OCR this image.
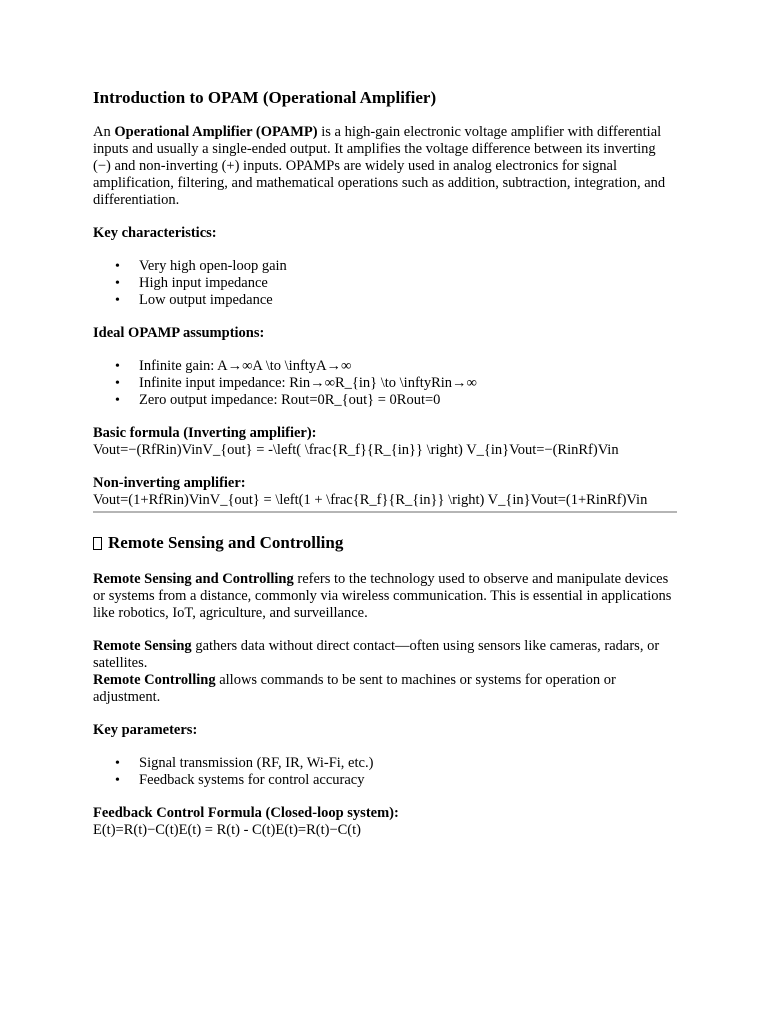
Introduction to OPAM (Operational Amplifier)

An Operational Amplifier (OPAMP) is a high-gain electronic voltage amplifier with differential inputs and usually a single-ended output. It amplifies the voltage difference between its inverting (−) and non-inverting (+) inputs. OPAMPs are widely used in analog electronics for signal amplification, filtering, and mathematical operations such as addition, subtraction, integration, and differentiation.

Key characteristics:

• Very high open-loop gain
• High input impedance
• Low output impedance

Ideal OPAMP assumptions:

• Infinite gain: A→∞A \to \inftyA→∞
• Infinite input impedance: Rin→∞R_{in} \to \inftyRin→∞
• Zero output impedance: Rout=0R_{out} = 0Rout=0

Basic formula (Inverting amplifier):

Vout=−(RfRin)VinV_{out} = -\left( \frac{R_f}{R_{in}} \right) V_{in}Vout=−(RinRf)Vin

Non-inverting amplifier:

Vout=(1+RfRin)VinV_{out} = \left(1 + \frac{R_f}{R_{in}} \right) V_{in}Vout=(1+RinRf)Vin

Remote Sensing and Controlling

Remote Sensing and Controlling refers to the technology used to observe and manipulate devices or systems from a distance, commonly via wireless communication. This is essential in applications like robotics, IoT, agriculture, and surveillance.

Remote Sensing gathers data without direct contact—often using sensors like cameras, radars, or satellites.
Remote Controlling allows commands to be sent to machines or systems for operation or adjustment.

Key parameters:

• Signal transmission (RF, IR, Wi-Fi, etc.)
• Feedback systems for control accuracy

Feedback Control Formula (Closed-loop system):

E(t)=R(t)−C(t)E(t) = R(t) - C(t)E(t)=R(t)−C(t)
